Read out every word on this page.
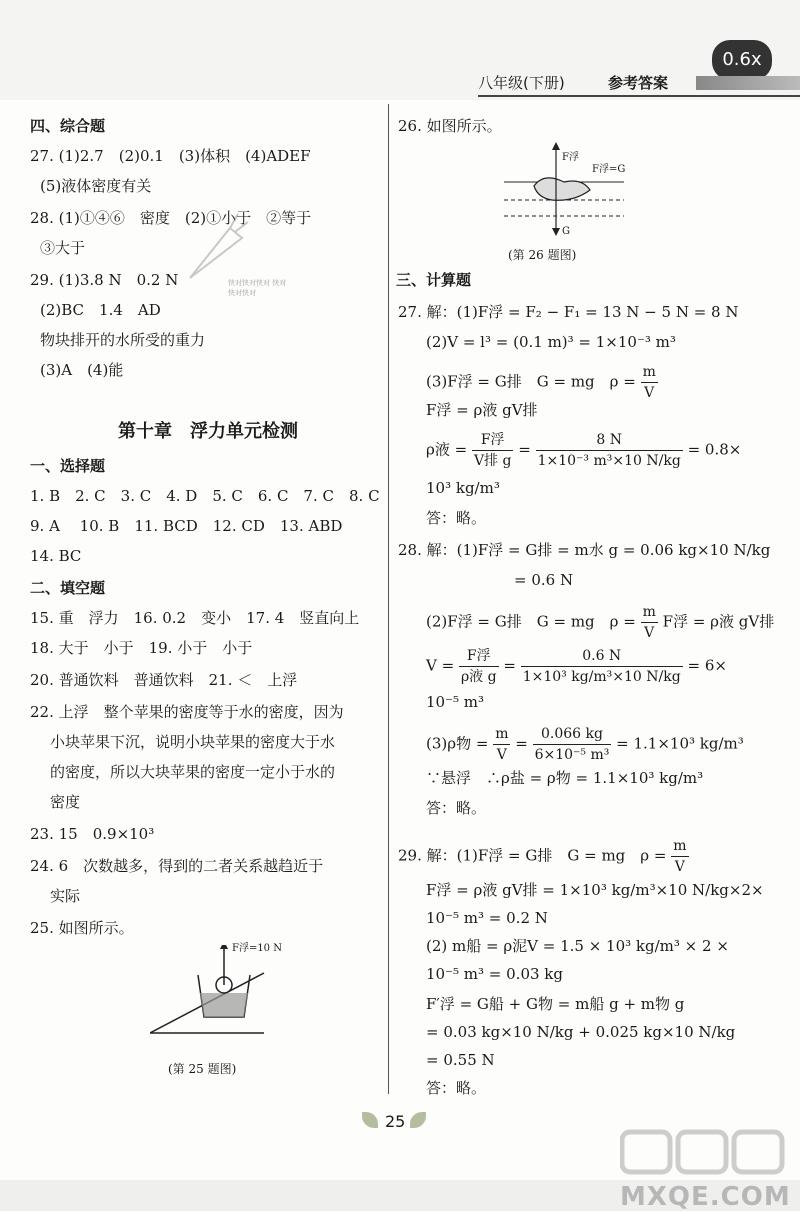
0.6x
八年级(下册)	参考答案
四、综合题
27. (1)2.7　(2)0.1　(3)体积　(4)ADEF
(5)液体密度有关
28. (1)①④⑥　密度　(2)①小于　②等于
③大于
29. (1)3.8 N　0.2 N
(2)BC　1.4　AD
物块排开的水所受的重力
(3)A　(4)能
快对快对快对 快对快对快对
第十章　浮力单元检测
一、选择题
1. B　2. C　3. C　4. D　5. C　6. C　7. C　8. C
9. A　 10. B　11. BCD　12. CD　13. ABD
14. BC
二、填空题
15. 重　浮力　16. 0.2　变小　17. 4　竖直向上
18. 大于　小于　19. 小于　小于
20. 普通饮料　普通饮料　21. ＜　上浮
22. 上浮　整个苹果的密度等于水的密度，因为
小块苹果下沉，说明小块苹果的密度大于水
的密度，所以大块苹果的密度一定小于水的
密度
23. 15　0.9×10³
24. 6　次数越多，得到的二者关系越趋近于
实际
25. 如图所示。
F浮=10 N
(第 25 题图)
26. 如图所示。
F浮
F浮=G
G
(第 26 题图)
三、计算题
27. 解：(1)F浮 = F₂ − F₁ = 13 N − 5 N = 8 N
(2)V = l³ = (0.1 m)³ = 1×10⁻³ m³
(3)F浮 = G排　G = mg　$\rho = \frac{m}{V}$
F浮 = ρ液 gV排
ρ液 = $\frac{\text{F浮}}{\text{V排 g}} = \frac{8 N}{\text{1×10⁻³ m³×10 N/kg}} = 0.8\times$
10³ kg/m³
答：略。
28. 解：(1)F浮 = G排 = m水 g = 0.06 kg×10 N/kg
= 0.6 N
(2)F浮 = G排　G = mg　$\rho = \frac{m}{V}$ F浮 = ρ液 gV排
$V = \frac{\text{F浮}}{\text{ρ液 g}} = \frac{0.6 N}{\text{1×10³ kg/m³×10 N/kg}} = 6\times$
10⁻⁵ m³
(3)ρ物 = $\frac{m}{V} = \frac{0.066 kg}{\text{6×10⁻⁵ m³}} = 1.1\times 10^3$ kg/m³
∵悬浮　∴ρ盐 = ρ物 = 1.1×10³ kg/m³
答：略。
29. 解：(1)F浮 = G排　G = mg　$\rho = \frac{m}{V}$
F浮 = ρ液 gV排 = 1×10³ kg/m³×10 N/kg×2×
10⁻⁵ m³ = 0.2 N
(2) m船 = ρ泥V = 1.5 × 10³ kg/m³ × 2 ×
10⁻⁵ m³ = 0.03 kg
F′浮 = G船 + G物 = m船 g + m物 g
= 0.03 kg×10 N/kg + 0.025 kg×10 N/kg
= 0.55 N
答：略。
25
MXQE.COM
